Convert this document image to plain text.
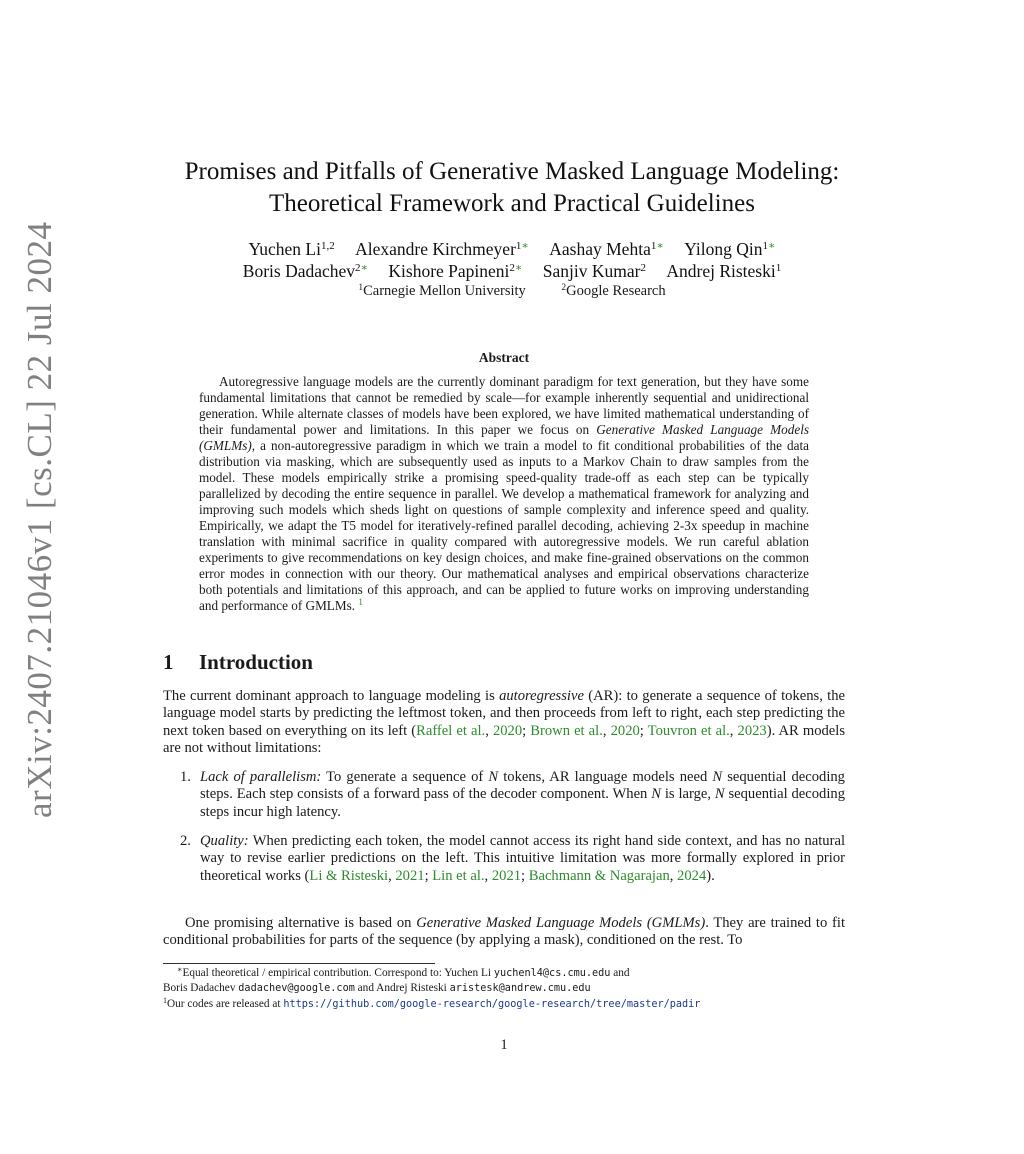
arXiv:2407.21046v1 [cs.CL] 22 Jul 2024
Promises and Pitfalls of Generative Masked Language Modeling:
Theoretical Framework and Practical Guidelines
Yuchen Li$^{1,2}$ Alexandre Kirchmeyer$^{1∗}$ Aashay Mehta$^{1∗}$ Yilong Qin$^{1∗}$
Boris Dadachev$^{2∗}$ Kishore Papineni$^{2∗}$ Sanjiv Kumar$^2$ Andrej Risteski$^1$
$^1$Carnegie Mellon University	$^2$Google Research
Abstract

Autoregressive language models are the currently dominant paradigm for text generation, but they have some fundamental limitations that cannot be remedied by scale—for example inherently sequential and unidirectional generation. While alternate classes of models have been explored, we have limited mathematical understanding of their fundamental power and limitations. In this paper we focus on Generative Masked Language Models (GMLMs), a non-autoregressive paradigm in which we train a model to fit conditional probabilities of the data distribution via masking, which are subsequently used as inputs to a Markov Chain to draw samples from the model. These models empirically strike a promising speed-quality trade-off as each step can be typically parallelized by decoding the entire sequence in parallel. We develop a mathematical framework for analyzing and improving such models which sheds light on questions of sample complexity and inference speed and quality. Empirically, we adapt the T5 model for iteratively-refined parallel decoding, achieving 2-3x speedup in machine translation with minimal sacrifice in quality compared with autoregressive models. We run careful ablation experiments to give recommendations on key design choices, and make fine-grained observations on the common error modes in connection with our theory. Our mathematical analyses and empirical observations characterize both potentials and limitations of this approach, and can be applied to future works on improving understanding and performance of GMLMs. $^1$

1 Introduction

The current dominant approach to language modeling is autoregressive (AR): to generate a sequence of tokens, the language model starts by predicting the leftmost token, and then proceeds from left to right, each step predicting the next token based on everything on its left (Raffel et al., 2020; Brown et al., 2020; Touvron et al., 2023). AR models are not without limitations:

1. Lack of parallelism: To generate a sequence of N tokens, AR language models need N sequential decoding steps. Each step consists of a forward pass of the decoder component. When N is large, N sequential decoding steps incur high latency.
2. Quality: When predicting each token, the model cannot access its right hand side context, and has no natural way to revise earlier predictions on the left. This intuitive limitation was more formally explored in prior theoretical works (Li & Risteski, 2021; Lin et al., 2021; Bachmann & Nagarajan, 2024).

One promising alternative is based on Generative Masked Language Models (GMLMs). They are trained to fit conditional probabilities for parts of the sequence (by applying a mask), conditioned on the rest. To

∗Equal theoretical / empirical contribution. Correspond to: Yuchen Li yuchenl4@cs.cmu.edu and
Boris Dadachev dadachev@google.com and Andrej Risteski aristesk@andrew.cmu.edu
$^1$Our codes are released at https://github.com/google-research/google-research/tree/master/padir
1
